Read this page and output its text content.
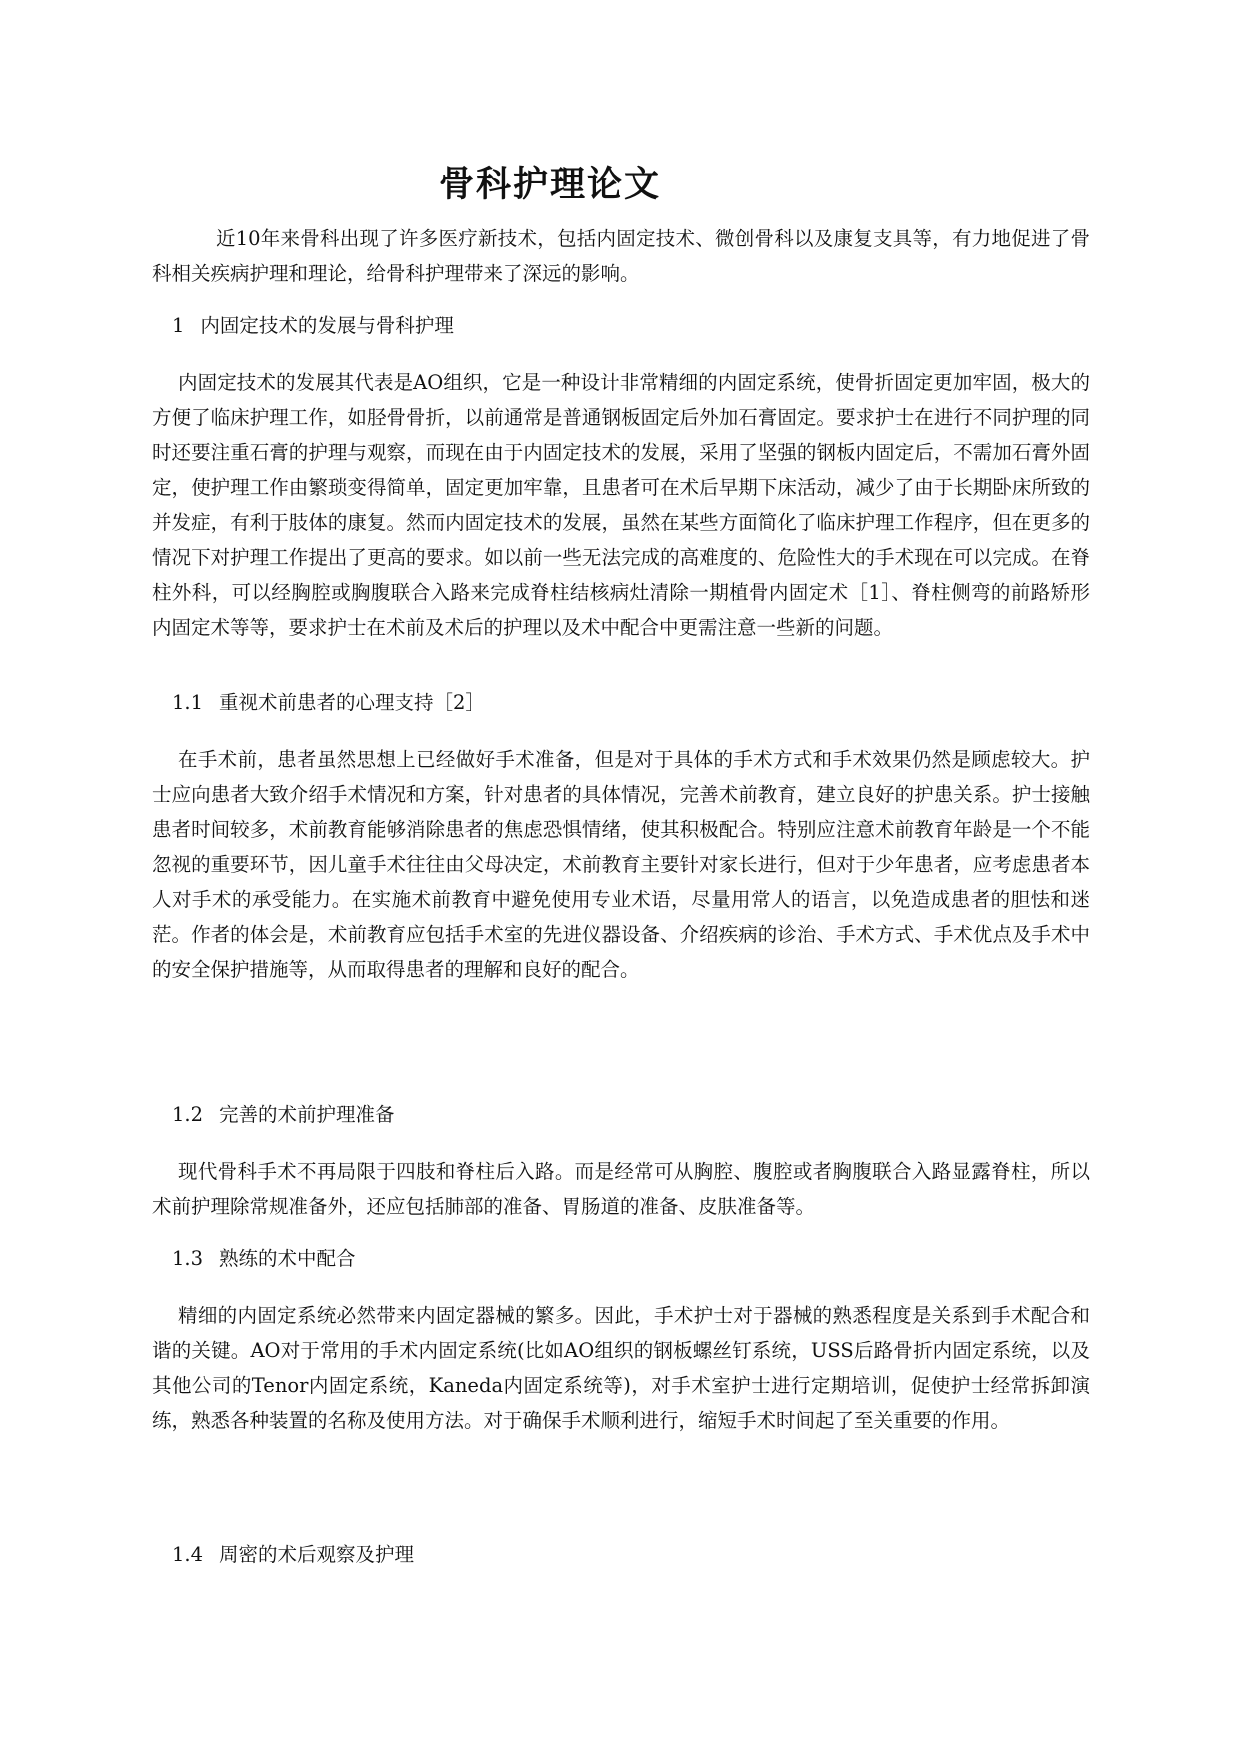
骨科护理论文

近10年来骨科出现了许多医疗新技术，包括内固定技术、微创骨科以及康复支具等，有力地促进了骨科相关疾病护理和理论，给骨科护理带来了深远的影响。

1 内固定技术的发展与骨科护理

内固定技术的发展其代表是AO组织，它是一种设计非常精细的内固定系统，使骨折固定更加牢固，极大的方便了临床护理工作，如胫骨骨折，以前通常是普通钢板固定后外加石膏固定。要求护士在进行不同护理的同时还要注重石膏的护理与观察，而现在由于内固定技术的发展，采用了坚强的钢板内固定后，不需加石膏外固定，使护理工作由繁琐变得简单，固定更加牢靠，且患者可在术后早期下床活动，减少了由于长期卧床所致的并发症，有利于肢体的康复。然而内固定技术的发展，虽然在某些方面简化了临床护理工作程序，但在更多的情况下对护理工作提出了更高的要求。如以前一些无法完成的高难度的、危险性大的手术现在可以完成。在脊柱外科，可以经胸腔或胸腹联合入路来完成脊柱结核病灶清除一期植骨内固定术［1］、脊柱侧弯的前路矫形内固定术等等，要求护士在术前及术后的护理以及术中配合中更需注意一些新的问题。

1.1 重视术前患者的心理支持［2］

在手术前，患者虽然思想上已经做好手术准备，但是对于具体的手术方式和手术效果仍然是顾虑较大。护士应向患者大致介绍手术情况和方案，针对患者的具体情况，完善术前教育，建立良好的护患关系。护士接触患者时间较多，术前教育能够消除患者的焦虑恐惧情绪，使其积极配合。特别应注意术前教育年龄是一个不能忽视的重要环节，因儿童手术往往由父母决定，术前教育主要针对家长进行，但对于少年患者，应考虑患者本人对手术的承受能力。在实施术前教育中避免使用专业术语，尽量用常人的语言，以免造成患者的胆怯和迷茫。作者的体会是，术前教育应包括手术室的先进仪器设备、介绍疾病的诊治、手术方式、手术优点及手术中的安全保护措施等，从而取得患者的理解和良好的配合。

1.2 完善的术前护理准备

现代骨科手术不再局限于四肢和脊柱后入路。而是经常可从胸腔、腹腔或者胸腹联合入路显露脊柱，所以术前护理除常规准备外，还应包括肺部的准备、胃肠道的准备、皮肤准备等。

1.3 熟练的术中配合

精细的内固定系统必然带来内固定器械的繁多。因此，手术护士对于器械的熟悉程度是关系到手术配合和谐的关键。AO对于常用的手术内固定系统(比如AO组织的钢板螺丝钉系统，USS后路骨折内固定系统，以及其他公司的Tenor内固定系统，Kaneda内固定系统等)，对手术室护士进行定期培训，促使护士经常拆卸演练，熟悉各种装置的名称及使用方法。对于确保手术顺利进行，缩短手术时间起了至关重要的作用。

1.4 周密的术后观察及护理
